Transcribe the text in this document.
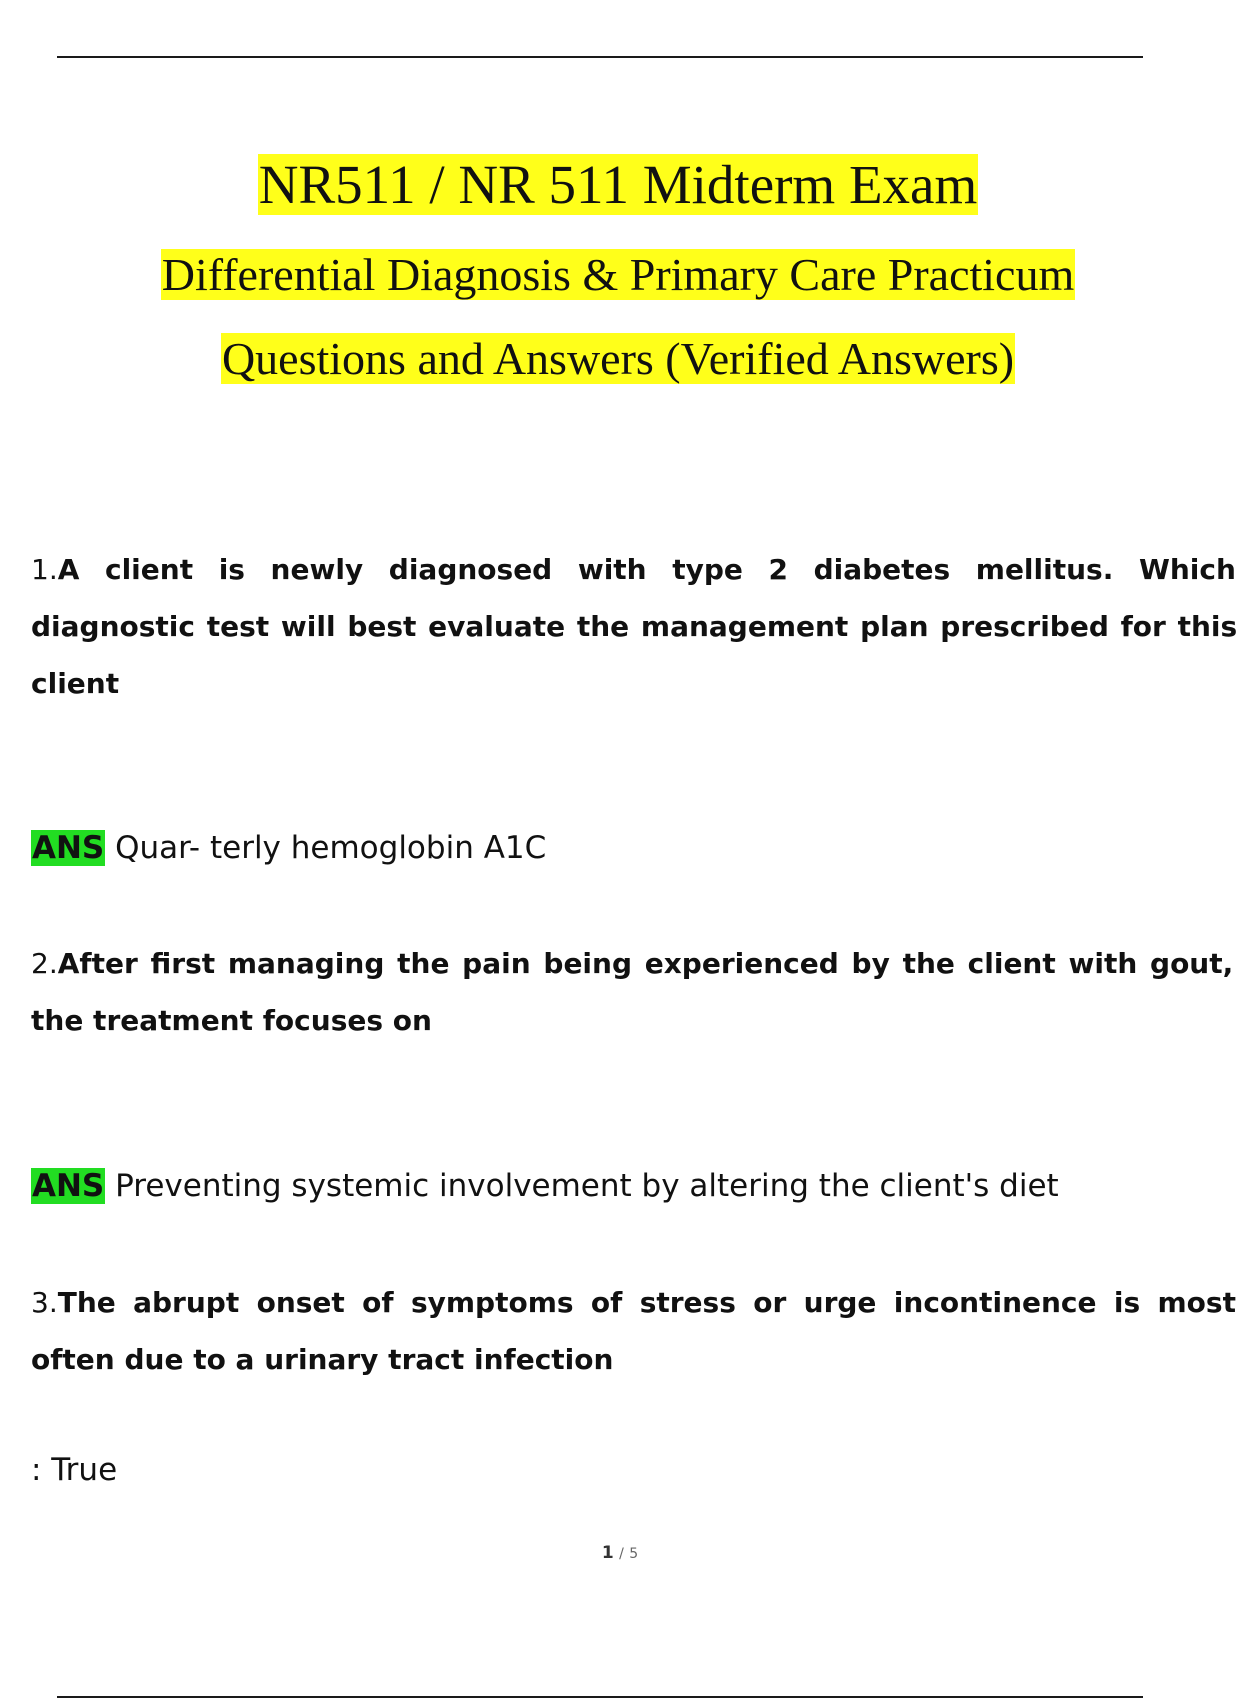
NR511 / NR 511 Midterm Exam
Differential Diagnosis & Primary Care Practicum
Questions and Answers (Verified Answers)
1.A client is newly diagnosed with type 2 diabetes mellitus. Which
diagnostic test will best evaluate the management plan prescribed for this
client
ANS Quar- terly hemoglobin A1C
2.After first managing the pain being experienced by the client with gout,
the treatment focuses on
ANS Preventing systemic involvement by altering the client's diet
3.The abrupt onset of symptoms of stress or urge incontinence is most
often due to a urinary tract infection
: True
1 / 5
